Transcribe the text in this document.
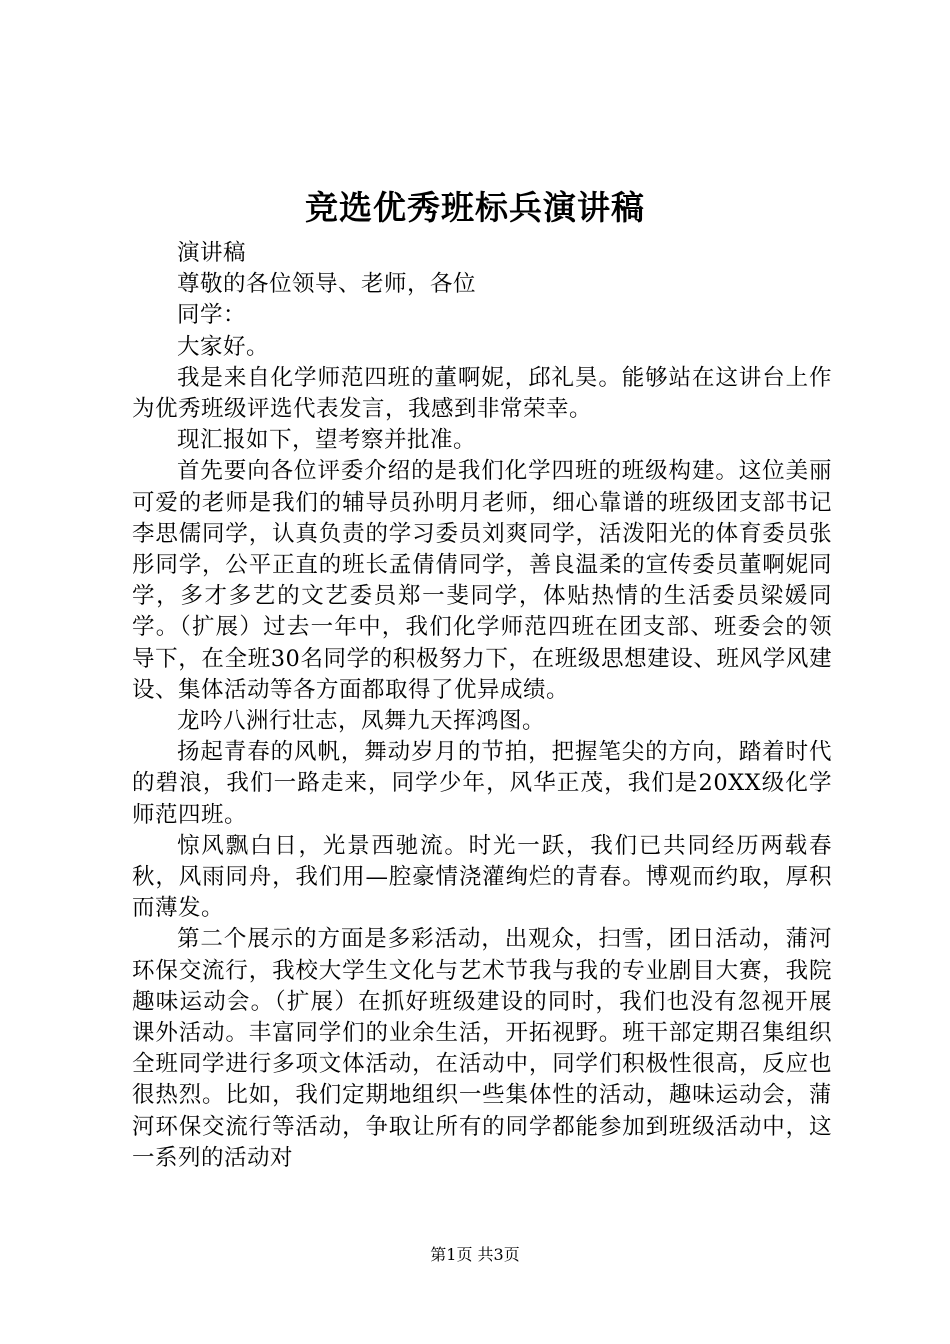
竞选优秀班标兵演讲稿

演讲稿

尊敬的各位领导、老师，各位

同学：

大家好。

我是来自化学师范四班的董啊妮，邱礼昊。能够站在这讲台上作为优秀班级评选代表发言，我感到非常荣幸。

现汇报如下，望考察并批准。

首先要向各位评委介绍的是我们化学四班的班级构建。这位美丽可爱的老师是我们的辅导员孙明月老师，细心靠谱的班级团支部书记李思儒同学，认真负责的学习委员刘爽同学，活泼阳光的体育委员张彤同学，公平正直的班长孟倩倩同学，善良温柔的宣传委员董啊妮同学，多才多艺的文艺委员郑一斐同学，体贴热情的生活委员梁媛同学。（扩展）过去一年中，我们化学师范四班在团支部、班委会的领导下，在全班30名同学的积极努力下，在班级思想建设、班风学风建设、集体活动等各方面都取得了优异成绩。

龙吟八洲行壮志，凤舞九天挥鸿图。

扬起青春的风帆，舞动岁月的节拍，把握笔尖的方向，踏着时代的碧浪，我们一路走来，同学少年，风华正茂，我们是20XX级化学师范四班。

惊风飘白日，光景西驰流。时光一跃，我们已共同经历两载春秋，风雨同舟，我们用—腔豪情浇灌绚烂的青春。博观而约取，厚积而薄发。

第二个展示的方面是多彩活动，出观众，扫雪，团日活动，蒲河环保交流行，我校大学生文化与艺术节我与我的专业剧目大赛，我院趣味运动会。（扩展）在抓好班级建设的同时，我们也没有忽视开展课外活动。丰富同学们的业余生活，开拓视野。班干部定期召集组织全班同学进行多项文体活动，在活动中，同学们积极性很高，反应也很热烈。比如，我们定期地组织一些集体性的活动，趣味运动会，蒲河环保交流行等活动，争取让所有的同学都能参加到班级活动中，这一系列的活动对

第1页 共3页
